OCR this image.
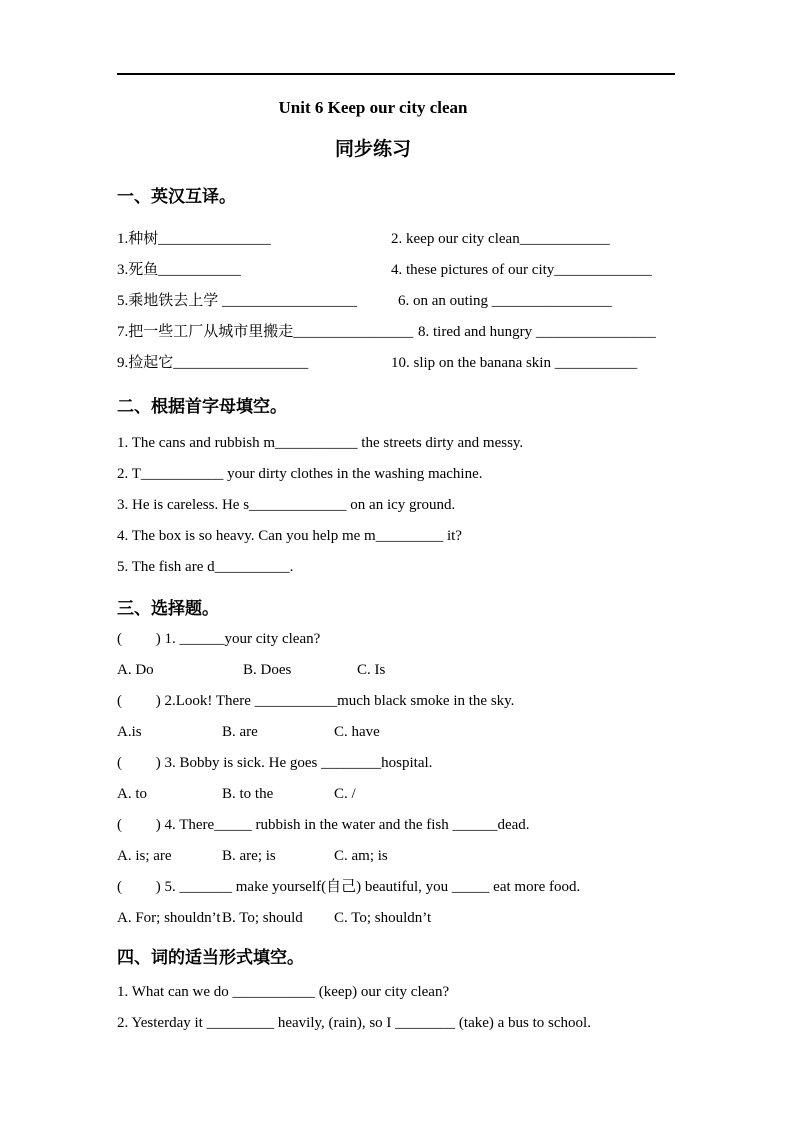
Unit 6 Keep our city clean
同步练习
一、英汉互译。
1.种树_______________	2. keep our city clean____________
3.死鱼___________	4. these pictures of our city_____________
5.乘地铁去上学 __________________	6. on an outing ________________
7.把一些工厂从城市里搬走________________ 8. tired and hungry ________________
9.捡起它__________________	10. slip on the banana skin ___________
二、根据首字母填空。
1. The cans and rubbish m___________ the streets dirty and messy.
2. T___________ your dirty clothes in the washing machine.
3. He is careless. He s_____________ on an icy ground.
4. The box is so heavy. Can you help me m_________ it?
5. The fish are d__________.
三、选择题。
(         ) 1. ______your city clean?
A. Do	B. Does	C. Is
(         ) 2.Look! There ___________much black smoke in the sky.
A.is	B. are	C. have
(         ) 3. Bobby is sick. He goes ________hospital.
A. to	B. to the	C. /
(         ) 4. There_____ rubbish in the water and the fish ______dead.
A. is; are	B. are; is	C. am; is
(         ) 5. _______ make yourself(自己) beautiful, you _____ eat more food.
A. For; shouldn’t B. To; should	C. To; shouldn’t
四、词的适当形式填空。
1. What can we do ___________ (keep) our city clean?
2. Yesterday it _________ heavily, (rain), so I ________ (take) a bus to school.
